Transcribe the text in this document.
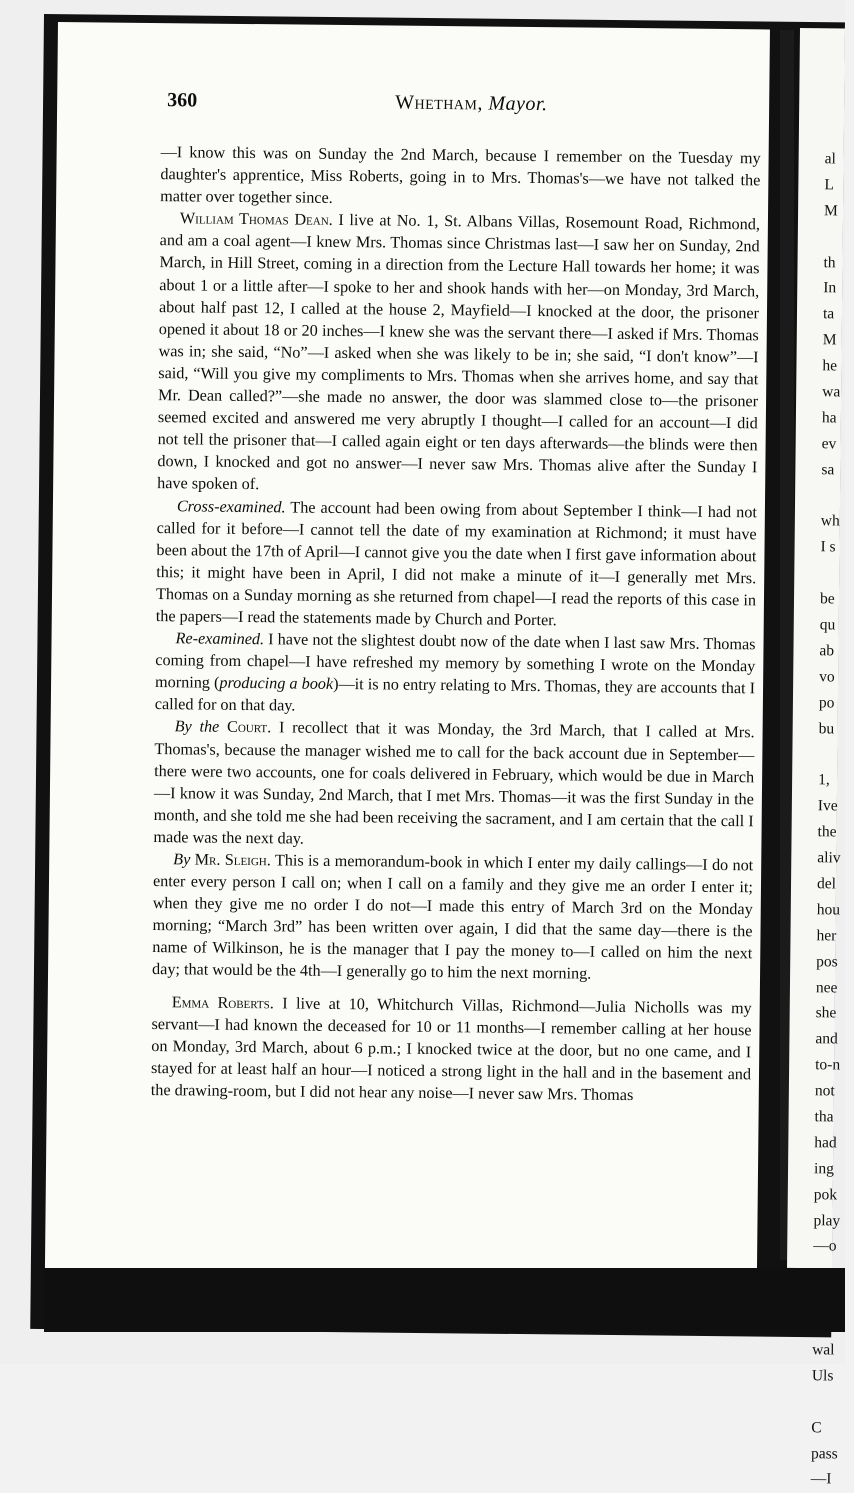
al
L
M
th
In
ta
M
he
wa
ha
ev
sa
wh
I s
be
qu
ab
vo
po
bu
1,
Ive
the
aliv
del
hou
her
pos
nee
she
and
to-n
not
tha
had
ing
pok
play
—o
wal
Uls
C
pass
—I
360	Whetham, Mayor.

—I know this was on Sunday the 2nd March, because I remember on the Tuesday my daughter's apprentice, Miss Roberts, going in to Mrs. Thomas's—we have not talked the matter over together since.

William Thomas Dean. I live at No. 1, St. Albans Villas, Rosemount Road, Richmond, and am a coal agent—I knew Mrs. Thomas since Christmas last—I saw her on Sunday, 2nd March, in Hill Street, coming in a direction from the Lecture Hall towards her home; it was about 1 or a little after—I spoke to her and shook hands with her—on Monday, 3rd March, about half past 12, I called at the house 2, Mayfield—I knocked at the door, the prisoner opened it about 18 or 20 inches—I knew she was the servant there—I asked if Mrs. Thomas was in; she said, “No”—I asked when she was likely to be in; she said, “I don't know”—I said, “Will you give my compliments to Mrs. Thomas when she arrives home, and say that Mr. Dean called?”—she made no answer, the door was slammed close to—the prisoner seemed excited and answered me very abruptly I thought—I called for an account—I did not tell the prisoner that—I called again eight or ten days afterwards—the blinds were then down, I knocked and got no answer—I never saw Mrs. Thomas alive after the Sunday I have spoken of.

Cross-examined. The account had been owing from about September I think—I had not called for it before—I cannot tell the date of my examination at Richmond; it must have been about the 17th of April—I cannot give you the date when I first gave information about this; it might have been in April, I did not make a minute of it—I generally met Mrs. Thomas on a Sunday morning as she returned from chapel—I read the reports of this case in the papers—I read the statements made by Church and Porter.

Re-examined. I have not the slightest doubt now of the date when I last saw Mrs. Thomas coming from chapel—I have refreshed my memory by something I wrote on the Monday morning (producing a book)—it is no entry relating to Mrs. Thomas, they are accounts that I called for on that day.

By the Court. I recollect that it was Monday, the 3rd March, that I called at Mrs. Thomas's, because the manager wished me to call for the back account due in September—there were two accounts, one for coals delivered in February, which would be due in March—I know it was Sunday, 2nd March, that I met Mrs. Thomas—it was the first Sunday in the month, and she told me she had been receiving the sacrament, and I am certain that the call I made was the next day.

By Mr. Sleigh. This is a memorandum-book in which I enter my daily callings—I do not enter every person I call on; when I call on a family and they give me an order I enter it; when they give me no order I do not—I made this entry of March 3rd on the Monday morning; “March 3rd” has been written over again, I did that the same day—there is the name of Wilkinson, he is the manager that I pay the money to—I called on him the next day; that would be the 4th—I generally go to him the next morning.

Emma Roberts. I live at 10, Whitchurch Villas, Richmond—Julia Nicholls was my servant—I had known the deceased for 10 or 11 months—I remember calling at her house on Monday, 3rd March, about 6 p.m.; I knocked twice at the door, but no one came, and I stayed for at least half an hour—I noticed a strong light in the hall and in the basement and the drawing-room, but I did not hear any noise—I never saw Mrs. Thomas
